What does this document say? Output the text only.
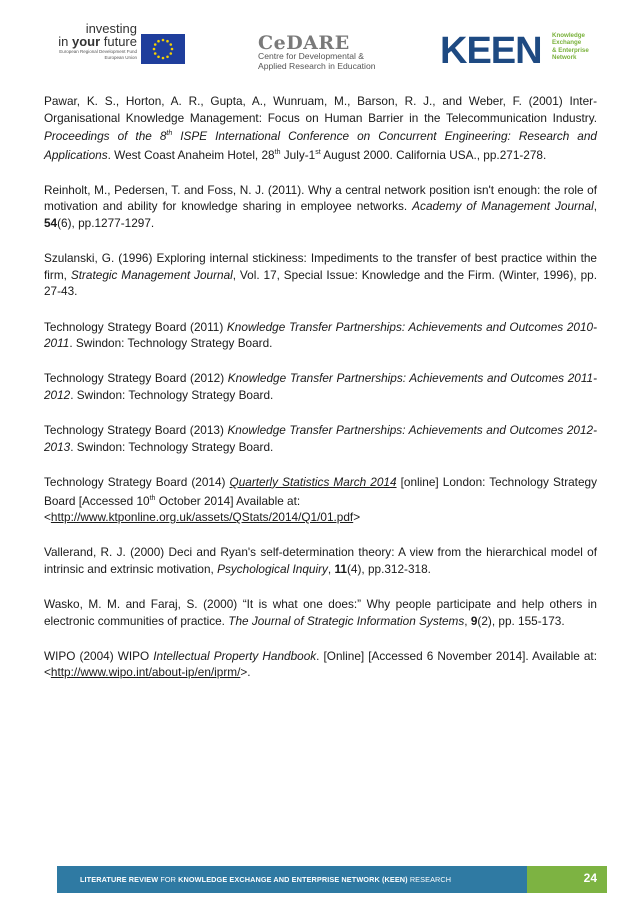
investing
in your future
European Regional Development Fund
European Union
CeDARE
Centre for Developmental &
Applied Research in Education	KEEN Knowledge
Exchange
& Enterprise
Network

Pawar, K. S., Horton, A. R., Gupta, A., Wunruam, M., Barson, R. J., and Weber, F. (2001) Inter-Organisational Knowledge Management: Focus on Human Barrier in the Telecommunication Industry. Proceedings of the 8th ISPE International Conference on Concurrent Engineering: Research and Applications. West Coast Anaheim Hotel, 28th July-1st August 2000. California USA., pp.271-278.

Reinholt, M., Pedersen, T. and Foss, N. J. (2011). Why a central network position isn't enough: the role of motivation and ability for knowledge sharing in employee networks. Academy of Management Journal, 54(6), pp.1277-1297.

Szulanski, G. (1996) Exploring internal stickiness: Impediments to the transfer of best practice within the firm, Strategic Management Journal, Vol. 17, Special Issue: Knowledge and the Firm. (Winter, 1996), pp. 27-43.

Technology Strategy Board (2011) Knowledge Transfer Partnerships: Achievements and Outcomes 2010-2011. Swindon: Technology Strategy Board.

Technology Strategy Board (2012) Knowledge Transfer Partnerships: Achievements and Outcomes 2011-2012. Swindon: Technology Strategy Board.

Technology Strategy Board (2013) Knowledge Transfer Partnerships: Achievements and Outcomes 2012-2013. Swindon: Technology Strategy Board.

Technology Strategy Board (2014) Quarterly Statistics March 2014 [online] London: Technology Strategy Board [Accessed 10th October 2014] Available at:
<http://www.ktponline.org.uk/assets/QStats/2014/Q1/01.pdf>

Vallerand, R. J. (2000) Deci and Ryan's self-determination theory: A view from the hierarchical model of intrinsic and extrinsic motivation, Psychological Inquiry, 11(4), pp.312-318.

Wasko, M. M. and Faraj, S. (2000) “It is what one does:” Why people participate and help others in electronic communities of practice. The Journal of Strategic Information Systems, 9(2), pp. 155-173.

WIPO (2004) WIPO Intellectual Property Handbook. [Online] [Accessed 6 November 2014]. Available at: <http://www.wipo.int/about-ip/en/iprm/>.

LITERATURE REVIEW FOR KNOWLEDGE EXCHANGE AND ENTERPRISE NETWORK (KEEN) RESEARCH	24
